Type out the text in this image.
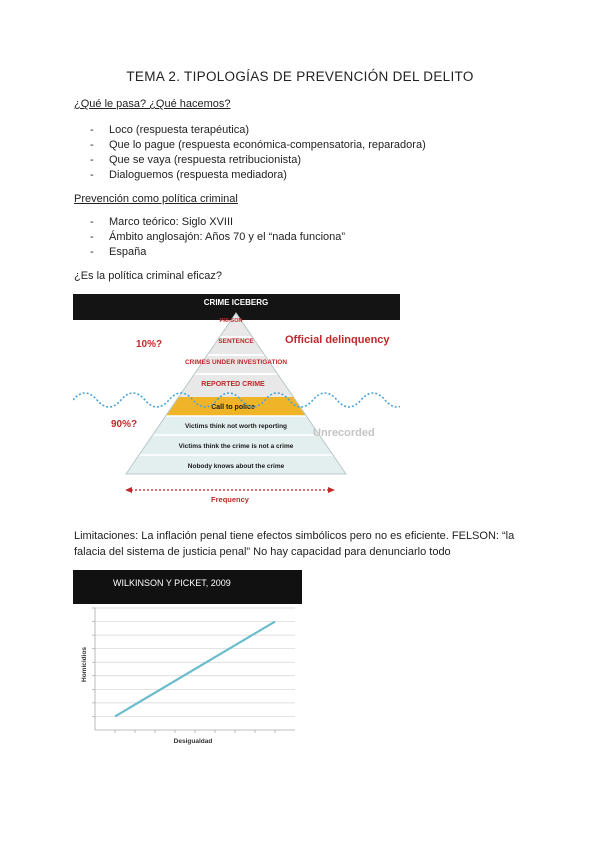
TEMA 2. TIPOLOGÍAS DE PREVENCIÓN DEL DELITO
¿Qué le pasa? ¿Qué hacemos?
- Loco (respuesta terapéutica)
- Que lo pague (respuesta económica-compensatoria, reparadora)
- Que se vaya (respuesta retribucionista)
- Dialoguemos (respuesta mediadora)
Prevención como política criminal
- Marco teórico: Siglo XVIII
- Ámbito anglosajón: Años 70 y el “nada funciona”
- España
¿Es la política criminal eficaz?
CRIME ICEBERG
PRI-SON
SENTENCE
CRIMES UNDER INVESTIGATION
REPORTED CRIME
Call to police
Victims think not worth reporting
Victims think the crime is not a crime
Nobody knows about the crime
10%?
90%?
Official delinquency
Unrecorded
Frequency
Limitaciones: La inflación penal tiene efectos simbólicos pero no es eficiente. FELSON: “la falacia del sistema de justicia penal” No hay capacidad para denunciarlo todo
WILKINSON Y PICKET, 2009
Homicidios
Desigualdad
